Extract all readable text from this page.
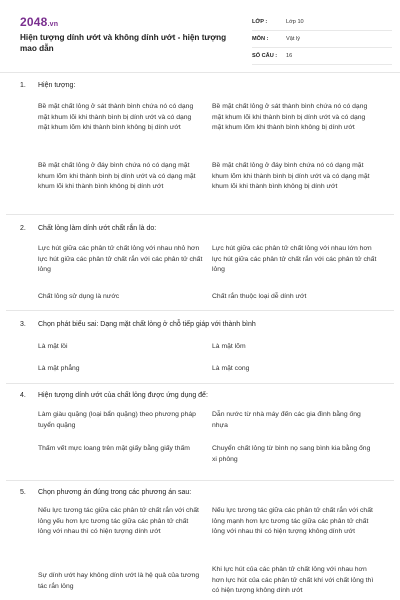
2048.vn
Hiện tượng dính ướt và không dính ướt - hiện tượng mao dẫn
LỚP :	Lớp 10
MÔN :	Vật lý
SỐ CÂU :	16
1. Hiện tượng:
Bề mặt chất lỏng ở sát thành bình chứa nó có dạng mặt khum lõi khi thành bình bị dính ướt và có dạng mặt khum lõm khi thành bình không bị dính ướt
Bề mặt chất lỏng ở sát thành bình chứa nó có dạng mặt khum lõi khi thành bình bị dính ướt và có dạng mặt khum lõm khi thành bình không bị dính ướt
Bề mặt chất lỏng ở đáy bình chứa nó có dạng mặt khum lõm khi thành bình bị dính ướt và có dạng mặt khum lõi khi thành bình không bị dính ướt
Bề mặt chất lỏng ở đáy bình chứa nó có dạng mặt khum lõm khi thành bình bị dính ướt và có dạng mặt khum lõi khi thành bình không bị dính ướt
2. Chất lỏng làm dính ướt chất rắn là do:
Lực hút giữa các phân tử chất lỏng với nhau nhỏ hơn lực hút giữa các phân tử chất rắn với các phân tử chất lỏng
Lực hút giữa các phân tử chất lỏng với nhau lớn hơn lực hút giữa các phân tử chất rắn với các phân tử chất lỏng
Chất lỏng sử dụng là nước	Chất rắn thuộc loại dễ dính ướt
3. Chọn phát biểu sai: Dạng mặt chất lỏng ở chỗ tiếp giáp với thành bình
Là mặt lồi	Là mặt lõm
Là mặt phẳng	Là mặt cong
4. Hiện tượng dính ướt của chất lỏng được ứng dụng để:
Làm giàu quặng (loại bẩn quặng) theo phương pháp tuyển quặng
Dẫn nước từ nhà máy đến các gia đình bằng ống nhựa
Thấm vết mực loang trên mặt giấy bằng giấy thấm	Chuyển chất lỏng từ bình nọ sang bình kia bằng ống xi phông
5. Chọn phương án đúng trong các phương án sau:
Nếu lực tương tác giữa các phân tử chất rắn với chất lỏng yếu hơn lực tương tác giữa các phân tử chất lỏng với nhau thì có hiện tượng dính ướt
Nếu lực tương tác giữa các phân tử chất rắn với chất lỏng mạnh hơn lực tương tác giữa các phân tử chất lỏng với nhau thì có hiện tượng không dính ướt
Sự dính ướt hay không dính ướt là hệ quả của tương tác rắn lỏng
Khi lực hút của các phân tử chất lỏng với nhau hơn hơn lực hút của các phân tử chất khí với chất lỏng thì có hiện tượng không dính ướt
